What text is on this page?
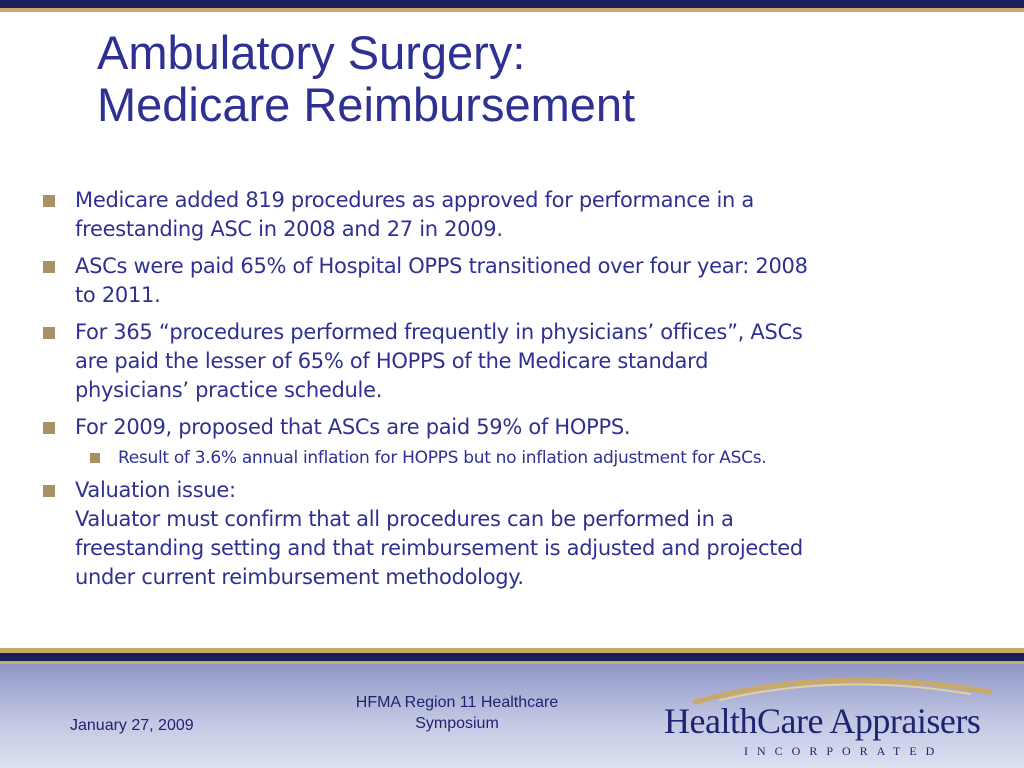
Ambulatory Surgery:
Medicare Reimbursement
Medicare added 819 procedures as approved for performance in a
freestanding ASC in 2008 and 27 in 2009.
ASCs were paid 65% of Hospital OPPS transitioned over four year: 2008
to 2011.
For 365 “procedures performed frequently in physicians’ offices”, ASCs
are paid the lesser of 65% of HOPPS of the Medicare standard
physicians’ practice schedule.
For 2009, proposed that ASCs are paid 59% of HOPPS.
Result of 3.6% annual inflation for HOPPS but no inflation adjustment for ASCs.
Valuation issue:
Valuator must confirm that all procedures can be performed in a
freestanding setting and that reimbursement is adjusted and projected
under current reimbursement methodology.
January 27, 2009
HFMA Region 11 Healthcare
Symposium	HealthCare Appraisers
INCORPORATED
